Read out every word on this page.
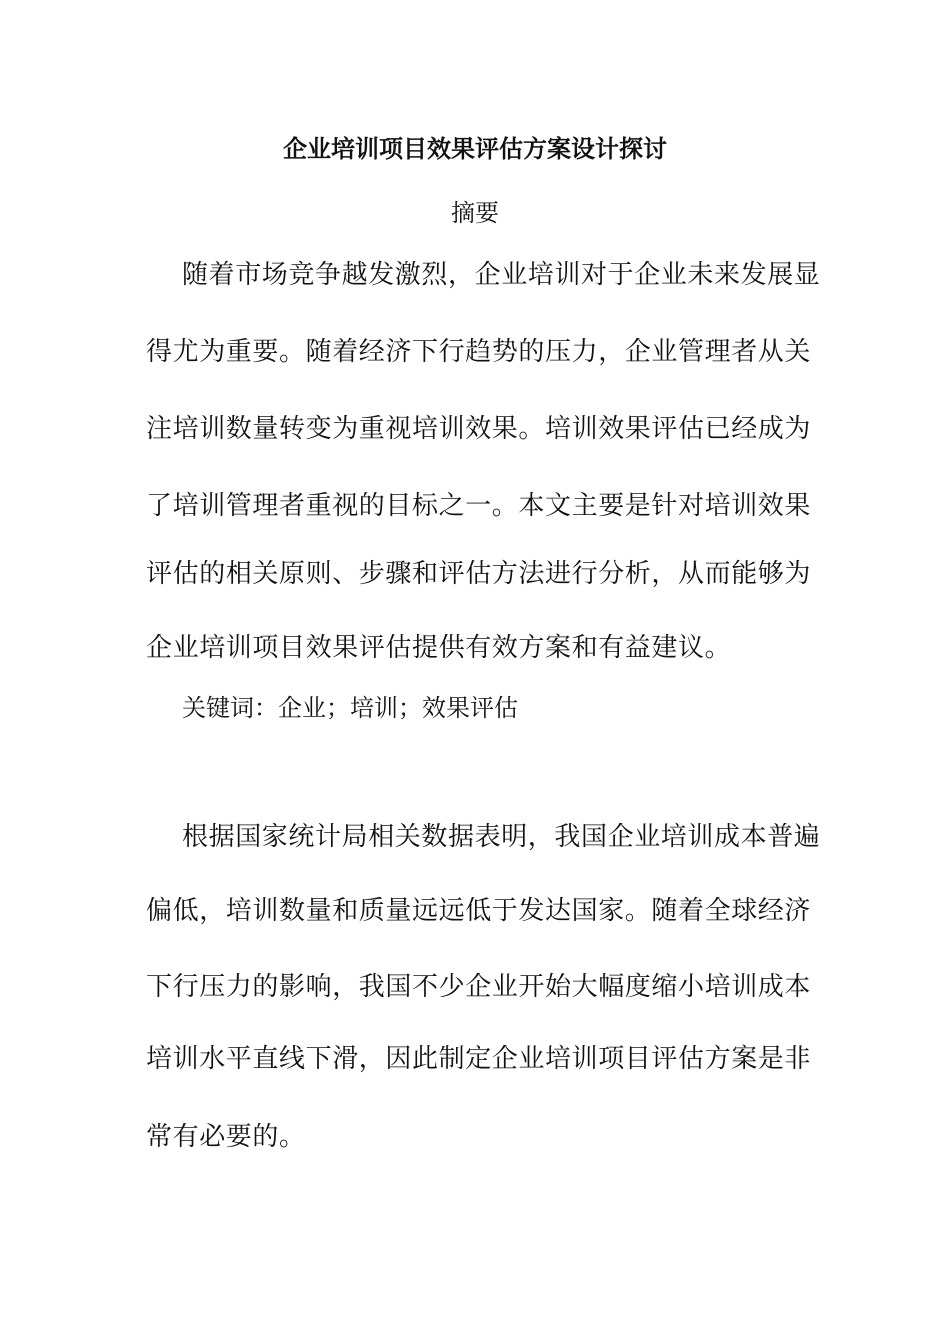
企业培训项目效果评估方案设计探讨
摘要
随着市场竞争越发激烈，企业培训对于企业未来发展显
得尤为重要。随着经济下行趋势的压力，企业管理者从关
注培训数量转变为重视培训效果。培训效果评估已经成为
了培训管理者重视的目标之一。本文主要是针对培训效果
评估的相关原则、步骤和评估方法进行分析，从而能够为
企业培训项目效果评估提供有效方案和有益建议。
关键词：企业；培训；效果评估
根据国家统计局相关数据表明，我国企业培训成本普遍
偏低，培训数量和质量远远低于发达国家。随着全球经济
下行压力的影响，我国不少企业开始大幅度缩小培训成本
培训水平直线下滑，因此制定企业培训项目评估方案是非
常有必要的。
